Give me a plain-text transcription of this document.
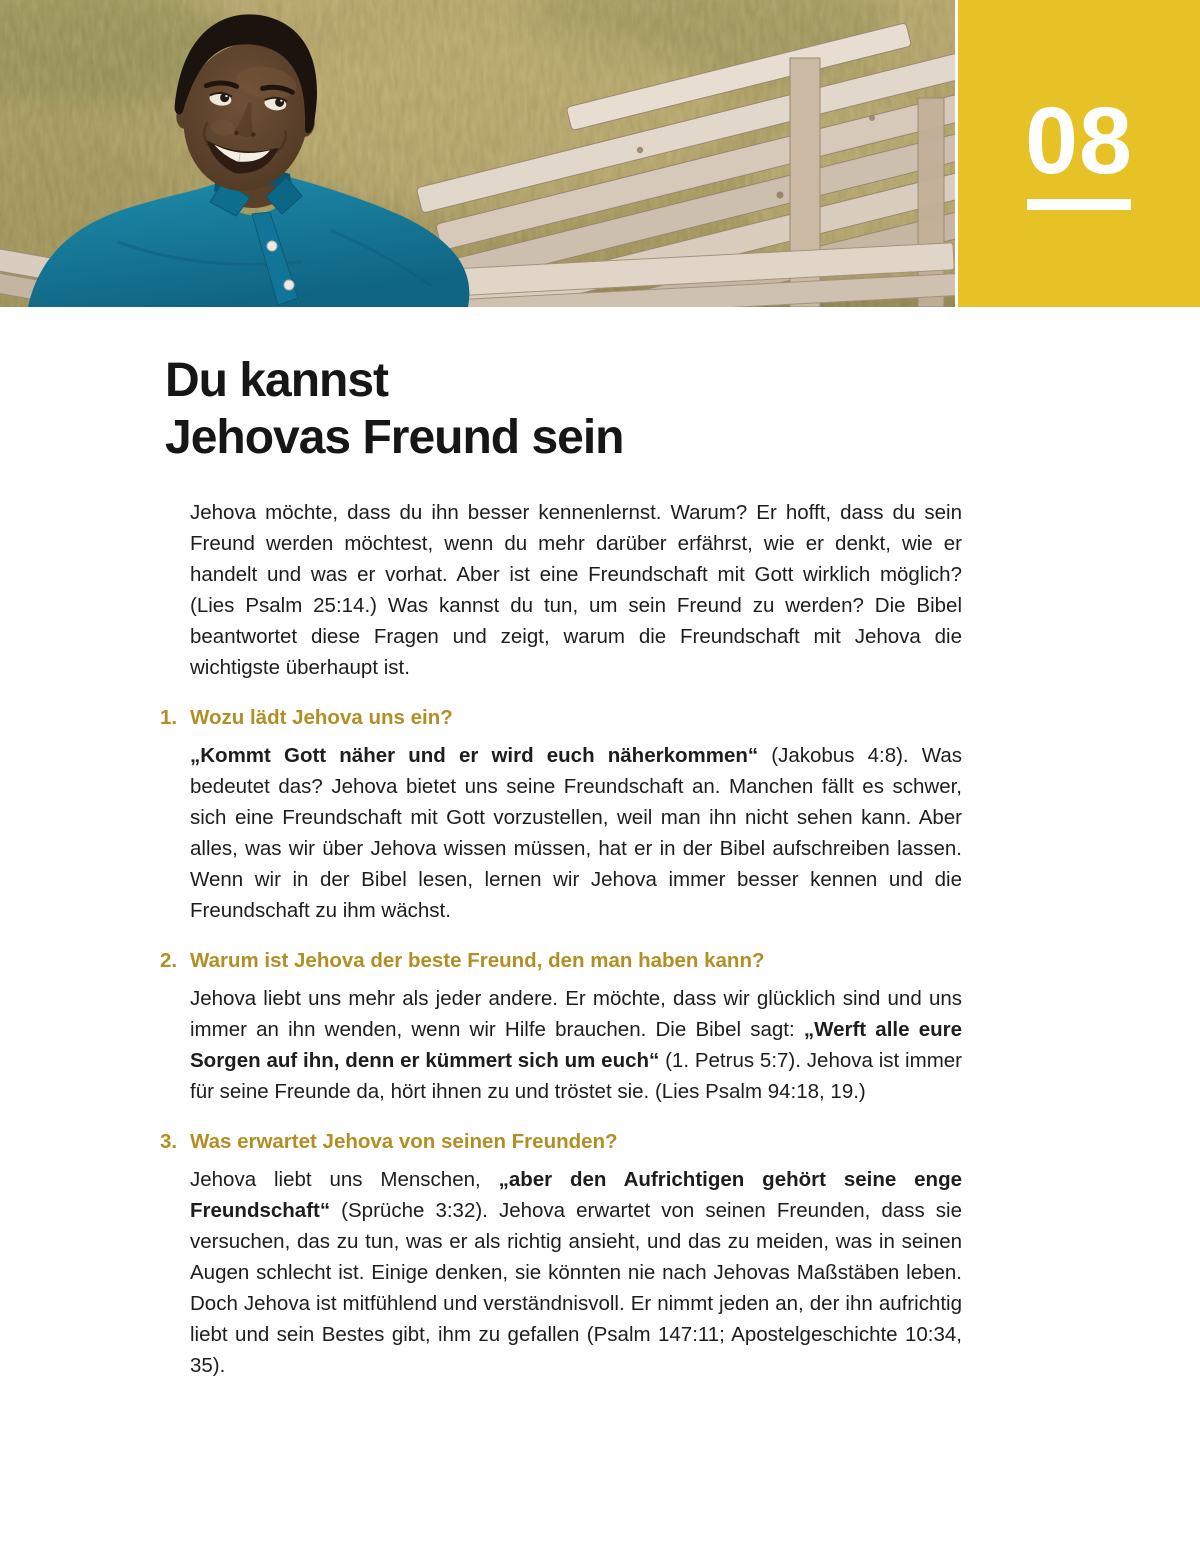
08
Du kannst
Jehovas Freund sein

Jehova möchte, dass du ihn besser kennenlernst. Warum? Er hofft, dass du sein Freund werden möchtest, wenn du mehr darüber erfährst, wie er denkt, wie er handelt und was er vorhat. Aber ist eine Freundschaft mit Gott wirklich möglich? (Lies Psalm 25:14.) Was kannst du tun, um sein Freund zu werden? Die Bibel beantwortet diese Fragen und zeigt, warum die Freundschaft mit Jehova die wichtigste überhaupt ist.

1. Wozu lädt Jehova uns ein?

„Kommt Gott näher und er wird euch näherkommen“ (Jakobus 4:8). Was bedeutet das? Jehova bietet uns seine Freundschaft an. Manchen fällt es schwer, sich eine Freundschaft mit Gott vorzustellen, weil man ihn nicht sehen kann. Aber alles, was wir über Jehova wissen müssen, hat er in der Bibel aufschreiben lassen. Wenn wir in der Bibel lesen, lernen wir Jehova immer besser kennen und die Freundschaft zu ihm wächst.

2. Warum ist Jehova der beste Freund, den man haben kann?

Jehova liebt uns mehr als jeder andere. Er möchte, dass wir glücklich sind und uns immer an ihn wenden, wenn wir Hilfe brauchen. Die Bibel sagt: „Werft alle eure Sorgen auf ihn, denn er kümmert sich um euch“ (1. Petrus 5:7). Jehova ist immer für seine Freunde da, hört ihnen zu und tröstet sie. (Lies Psalm 94:18, 19.)

3. Was erwartet Jehova von seinen Freunden?

Jehova liebt uns Menschen, „aber den Aufrichtigen gehört seine enge Freundschaft“ (Sprüche 3:32). Jehova erwartet von seinen Freunden, dass sie versuchen, das zu tun, was er als richtig ansieht, und das zu meiden, was in seinen Augen schlecht ist. Einige denken, sie könnten nie nach Jehovas Maßstäben leben. Doch Jehova ist mitfühlend und verständnisvoll. Er nimmt jeden an, der ihn aufrichtig liebt und sein Bestes gibt, ihm zu gefallen (Psalm 147:11; Apostelgeschichte 10:34, 35).
